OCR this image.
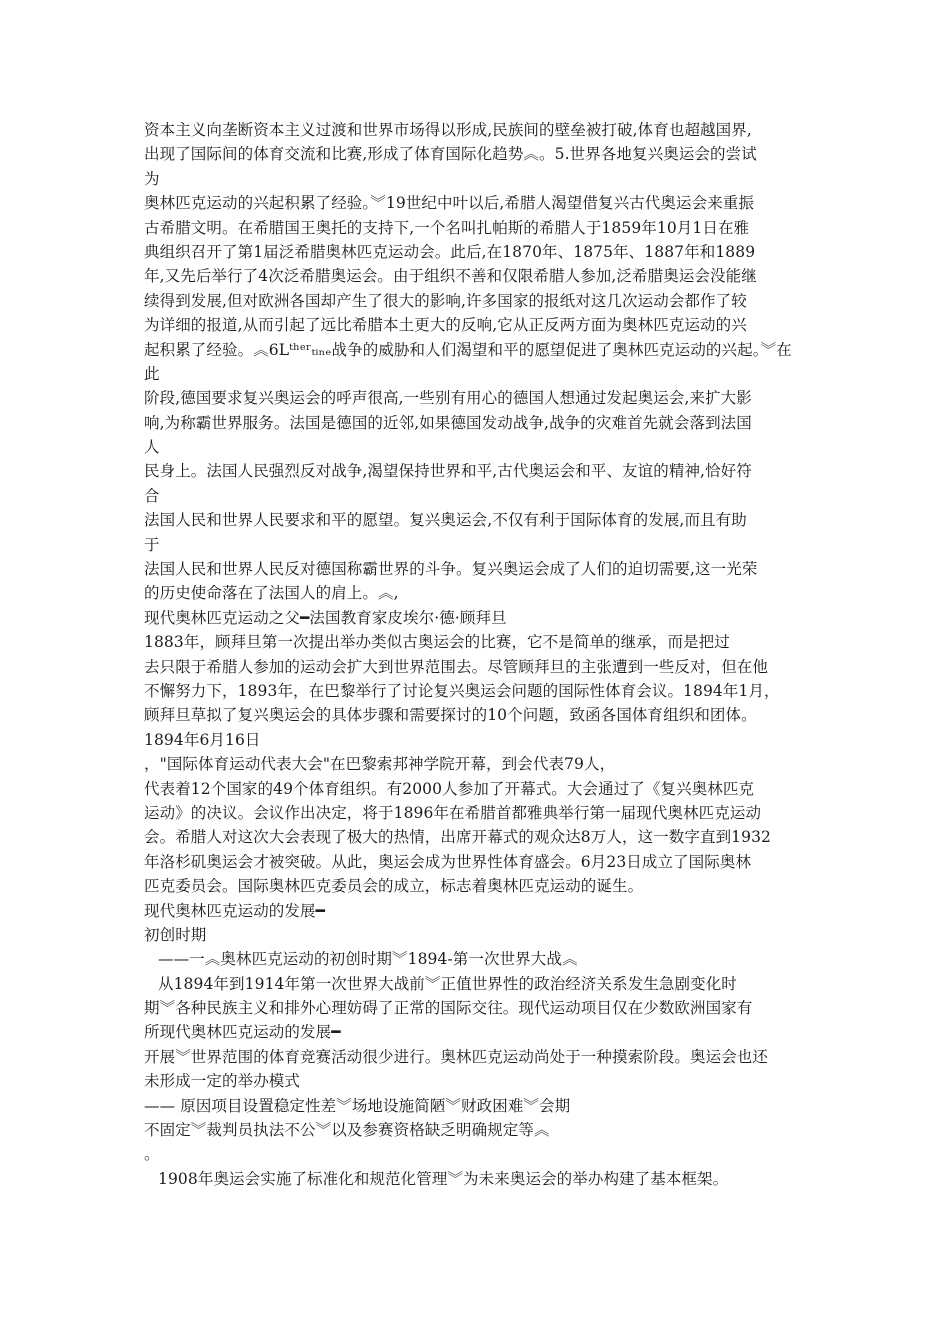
资本主义向垄断资本主义过渡和世界市场得以形成,民族间的壁垒被打破,体育也超越国界,
出现了国际间的体育交流和比赛,形成了体育国际化趋势︽。5.世界各地复兴奥运会的尝试
为
奥林匹克运动的兴起积累了经验。︾19世纪中叶以后,希腊人渴望借复兴古代奥运会来重振
古希腊文明。在希腊国王奥托的支持下,一个名叫扎帕斯的希腊人于1859年10月1日在雅
典组织召开了第1届泛希腊奥林匹克运动会。此后,在1870年、1875年、1887年和1889
年,又先后举行了4次泛希腊奥运会。由于组织不善和仅限希腊人参加,泛希腊奥运会没能继
续得到发展,但对欧洲各国却产生了很大的影响,许多国家的报纸对这几次运动会都作了较
为详细的报道,从而引起了远比希腊本土更大的反响,它从正反两方面为奥林匹克运动的兴
起积累了经验。︽6Lᵗʰᵉʳₜᵢₙₑ战争的威胁和人们渴望和平的愿望促进了奥林匹克运动的兴起。︾在
此
阶段,德国要求复兴奥运会的呼声很高,一些别有用心的德国人想通过发起奥运会,来扩大影
响,为称霸世界服务。法国是德国的近邻,如果德国发动战争,战争的灾难首先就会落到法国
人
民身上。法国人民强烈反对战争,渴望保持世界和平,古代奥运会和平、友谊的精神,恰好符
合
法国人民和世界人民要求和平的愿望。复兴奥运会,不仅有利于国际体育的发展,而且有助
于
法国人民和世界人民反对德国称霸世界的斗争。复兴奥运会成了人们的迫切需要,这一光荣
的历史使命落在了法国人的肩上。︽,
现代奥林匹克运动之父━法国教育家皮埃尔·德·顾拜旦
1883年，顾拜旦第一次提出举办类似古奥运会的比赛，它不是简单的继承，而是把过
去只限于希腊人参加的运动会扩大到世界范围去。尽管顾拜旦的主张遭到一些反对，但在他
不懈努力下，1893年，在巴黎举行了讨论复兴奥运会问题的国际性体育会议。1894年1月，
顾拜旦草拟了复兴奥运会的具体步骤和需要探讨的10个问题，致函各国体育组织和团体。
1894年6月16日
，"国际体育运动代表大会"在巴黎索邦神学院开幕，到会代表79人，
代表着12个国家的49个体育组织。有2000人参加了开幕式。大会通过了《复兴奥林匹克
运动》的决议。会议作出决定，将于1896年在希腊首都雅典举行第一届现代奥林匹克运动
会。希腊人对这次大会表现了极大的热情，出席开幕式的观众达8万人，这一数字直到1932
年洛杉矶奥运会才被突破。从此，奥运会成为世界性体育盛会。6月23日成立了国际奥林
匹克委员会。国际奥林匹克委员会的成立，标志着奥林匹克运动的诞生。
现代奥林匹克运动的发展━
初创时期
——一︽奥林匹克运动的初创时期︾1894-第一次世界大战︽
从1894年到1914年第一次世界大战前︾正值世界性的政治经济关系发生急剧变化时
期︾各种民族主义和排外心理妨碍了正常的国际交往。现代运动项目仅在少数欧洲国家有
所现代奥林匹克运动的发展━
开展︾世界范围的体育竞赛活动很少进行。奥林匹克运动尚处于一种摸索阶段。奥运会也还
未形成一定的举办模式
—— 原因项目设置稳定性差︾场地设施简陋︾财政困难︾会期
不固定︾裁判员执法不公︾以及参赛资格缺乏明确规定等︽
。
1908年奥运会实施了标准化和规范化管理︾为未来奥运会的举办构建了基本框架。
